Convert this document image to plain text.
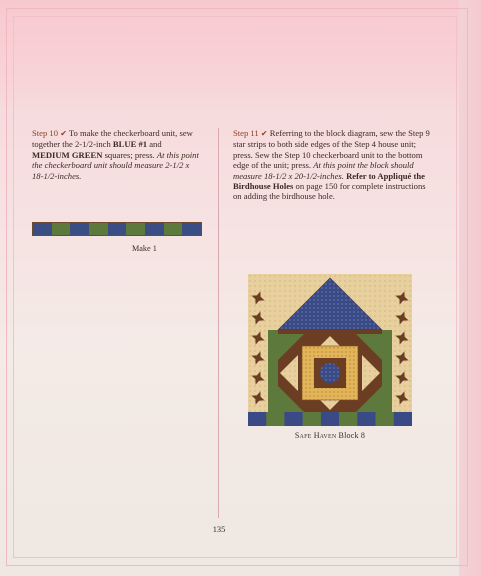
Step 10 ✔ To make the checkerboard unit, sew together the 2-1/2-inch BLUE #1 and MEDIUM GREEN squares; press. At this point the checkerboard unit should measure 2-1/2 x 18-1/2-inches.
Make 1
Step 11 ✔ Referring to the block diagram, sew the Step 9 star strips to both side edges of the Step 4 house unit; press. Sew the Step 10 checkerboard unit to the bottom edge of the unit; press. At this point the block should measure 18-1/2 x 20-1/2-inches. Refer to Appliqué the Birdhouse Holes on page 150 for complete instructions on adding the birdhouse hole.
Safe Haven Block 8
135
